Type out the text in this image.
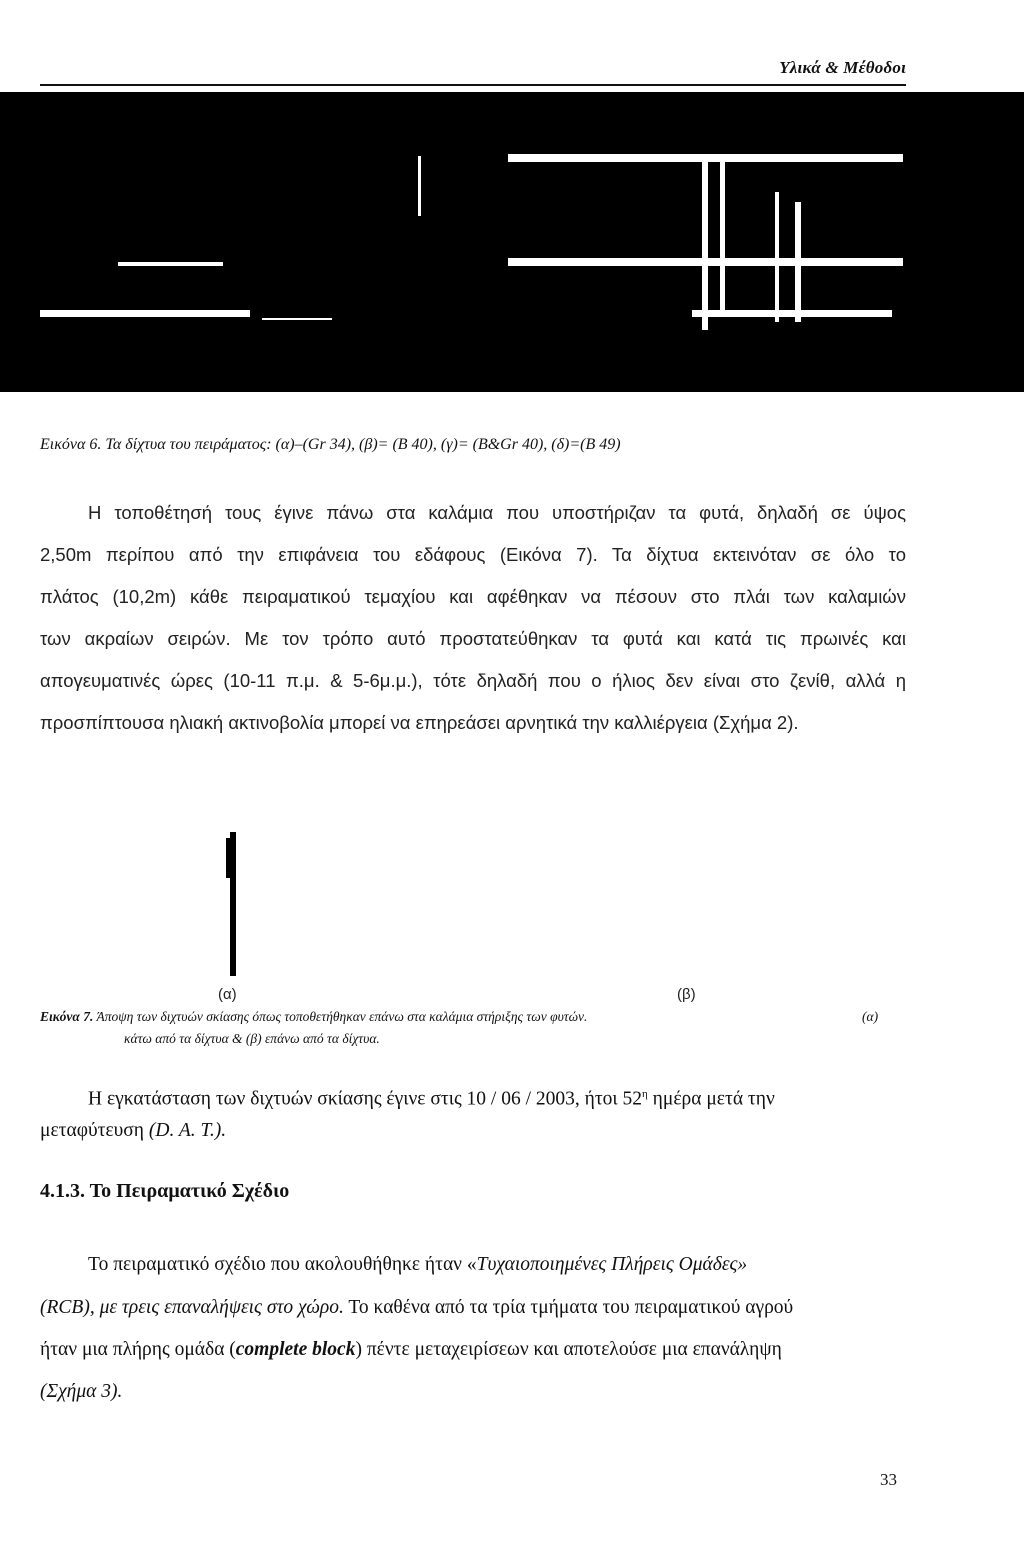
Υλικά & Μέθοδοι
Εικόνα 6. Τα δίχτυα του πειράματος: (α)–(Gr 34), (β)= (B 40), (γ)= (B&Gr 40), (δ)=(B 49)
Η τοποθέτησή τους έγινε πάνω στα καλάμια που υποστήριζαν τα φυτά, δηλαδή σε ύψος
2,50m περίπου από την επιφάνεια του εδάφους (Εικόνα 7). Τα δίχτυα εκτεινόταν σε όλο το
πλάτος (10,2m) κάθε πειραματικού τεμαχίου και αφέθηκαν να πέσουν στο πλάι των καλαμιών
των ακραίων σειρών. Με τον τρόπο αυτό προστατεύθηκαν τα φυτά και κατά τις πρωινές και
απογευματινές ώρες (10-11 π.μ. & 5-6μ.μ.), τότε δηλαδή που ο ήλιος δεν είναι στο ζενίθ, αλλά η
προσπίπτουσα ηλιακή ακτινοβολία μπορεί να επηρεάσει αρνητικά την καλλιέργεια (Σχήμα 2).
(α)	(β)
Εικόνα 7. Άποψη των διχτυών σκίασης όπως τοποθετήθηκαν επάνω στα καλάμια στήριξης των φυτών.	(α)
κάτω από τα δίχτυα & (β) επάνω από τα δίχτυα.
Η εγκατάσταση των διχτυών σκίασης έγινε στις 10 / 06 / 2003, ήτοι $52^\eta$ ημέρα μετά την
μεταφύτευση (D. A. T.).
4.1.3. Το Πειραματικό Σχέδιο
Το πειραματικό σχέδιο που ακολουθήθηκε ήταν «Τυχαιοποιημένες Πλήρεις Ομάδες»
(RCB), με τρεις επαναλήψεις στο χώρο. Το καθένα από τα τρία τμήματα του πειραματικού αγρού
ήταν μια πλήρης ομάδα (complete block) πέντε μεταχειρίσεων και αποτελούσε μια επανάληψη
(Σχήμα 3).
33
